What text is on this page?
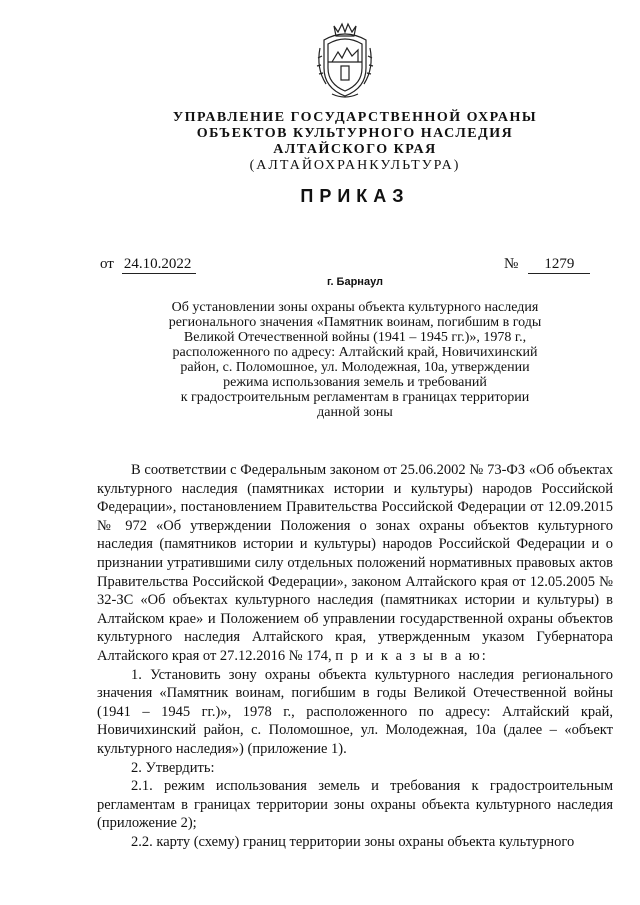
УПРАВЛЕНИЕ ГОСУДАРСТВЕННОЙ ОХРАНЫ
ОБЪЕКТОВ КУЛЬТУРНОГО НАСЛЕДИЯ
АЛТАЙСКОГО КРАЯ
(АЛТАЙОХРАНКУЛЬТУРА)
ПРИКАЗ
от 24.10.2022	№ 1279
г. Барнаул
Об установлении зоны охраны объекта культурного наследия
регионального значения «Памятник воинам, погибшим в годы
Великой Отечественной войны (1941 – 1945 гг.)», 1978 г.,
расположенного по адресу: Алтайский край, Новичихинский
район, с. Поломошное, ул. Молодежная, 10а, утверждении
режима использования земель и требований
к градостроительным регламентам в границах территории
данной зоны

В соответствии с Федеральным законом от 25.06.2002 № 73-ФЗ «Об объектах культурного наследия (памятниках истории и культуры) народов Российской Федерации», постановлением Правительства Российской Федерации от 12.09.2015 № 972 «Об утверждении Положения о зонах охраны объектов культурного наследия (памятников истории и культуры) народов Российской Федерации и о признании утратившими силу отдельных положений нормативных правовых актов Правительства Российской Федерации», законом Алтайского края от 12.05.2005 № 32-ЗС «Об объектах культурного наследия (памятниках истории и культуры) в Алтайском крае» и Положением об управлении государственной охраны объектов культурного наследия Алтайского края, утвержденным указом Губернатора Алтайского края от 27.12.2016 № 174, п р и к а з ы в а ю:

1. Установить зону охраны объекта культурного наследия регионального значения «Памятник воинам, погибшим в годы Великой Отечественной войны (1941 – 1945 гг.)», 1978 г., расположенного по адресу: Алтайский край, Новичихинский район, с. Поломошное, ул. Молодежная, 10а (далее – «объект культурного наследия») (приложение 1).

2. Утвердить:

2.1. режим использования земель и требования к градостроительным регламентам в границах территории зоны охраны объекта культурного наследия (приложение 2);

2.2. карту (схему) границ территории зоны охраны объекта культурного
